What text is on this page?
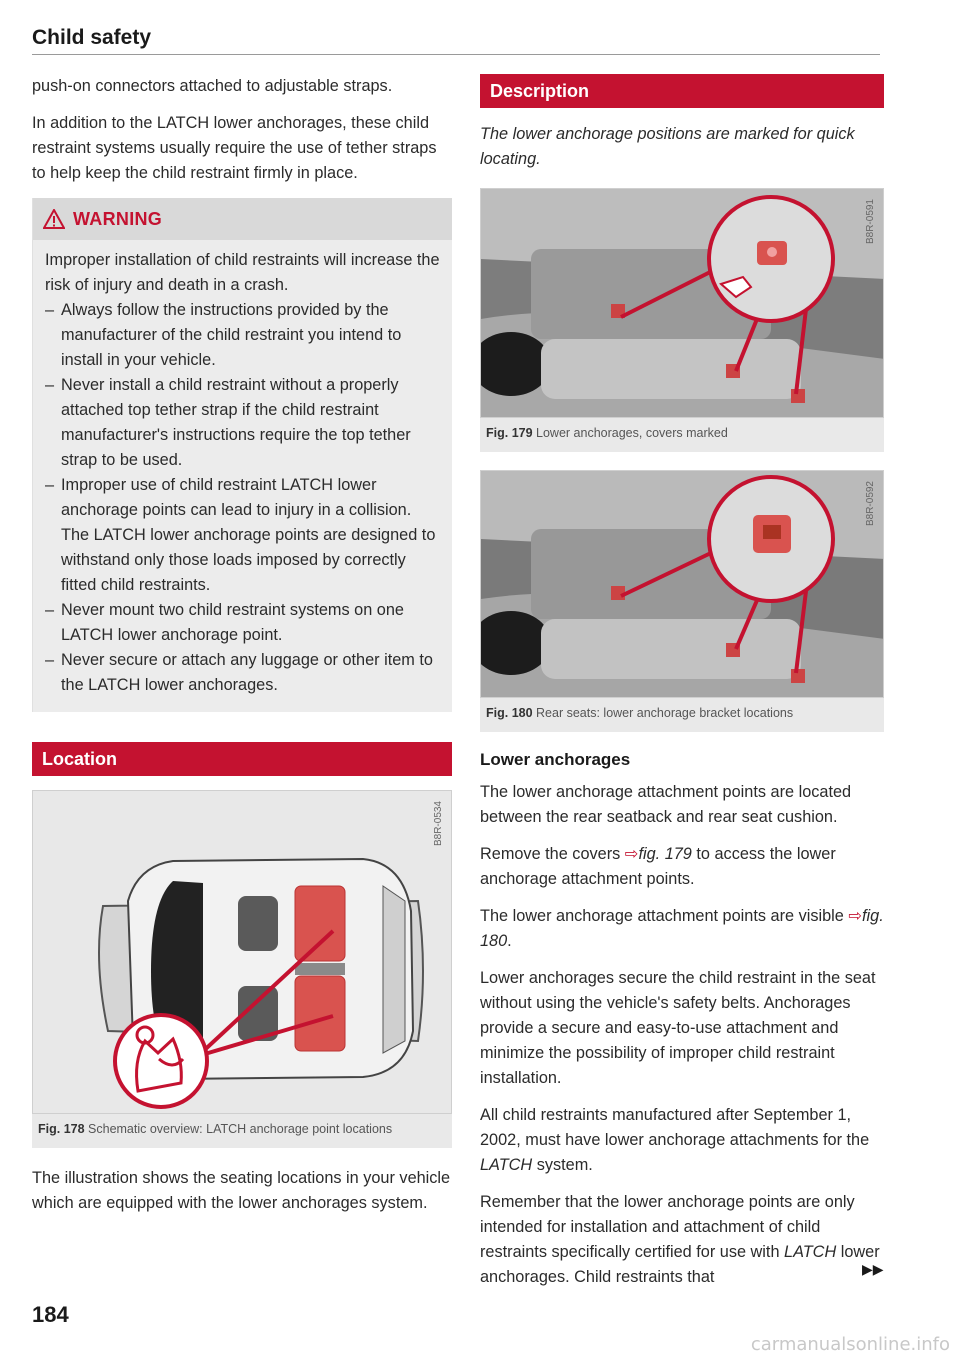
Child safety

push-on connectors attached to adjustable straps.

In addition to the LATCH lower anchorages, these child restraint systems usually require the use of tether straps to help keep the child restraint firmly in place.

WARNING
Improper installation of child restraints will increase the risk of injury and death in a crash.
– Always follow the instructions provided by the manufacturer of the child restraint you intend to install in your vehicle.
– Never install a child restraint without a properly attached top tether strap if the child restraint manufacturer's instructions require the top tether strap to be used.
– Improper use of child restraint LATCH lower anchorage points can lead to injury in a collision. The LATCH lower anchorage points are designed to withstand only those loads imposed by correctly fitted child restraints.
– Never mount two child restraint systems on one LATCH lower anchorage point.
– Never secure or attach any luggage or other item to the LATCH lower anchorages.
Location
B8R-0534
Fig. 178 Schematic overview: LATCH anchorage point locations

The illustration shows the seating locations in your vehicle which are equipped with the lower anchorages system.

Description

The lower anchorage positions are marked for quick locating.

B8R-0591
Fig. 179 Lower anchorages, covers marked
B8R-0592
Fig. 180 Rear seats: lower anchorage bracket locations
Lower anchorages

The lower anchorage attachment points are located between the rear seatback and rear seat cushion.

Remove the covers ⇨fig. 179 to access the lower anchorage attachment points.

The lower anchorage attachment points are visible ⇨fig. 180.

Lower anchorages secure the child restraint in the seat without using the vehicle's safety belts. Anchorages provide a secure and easy-to-use attachment and minimize the possibility of improper child restraint installation.

All child restraints manufactured after September 1, 2002, must have lower anchorage attachments for the LATCH system.

Remember that the lower anchorage points are only intended for installation and attachment of child restraints specifically certified for use with LATCH lower anchorages. Child restraints that	▶▶
184
carmanualsonline.info
